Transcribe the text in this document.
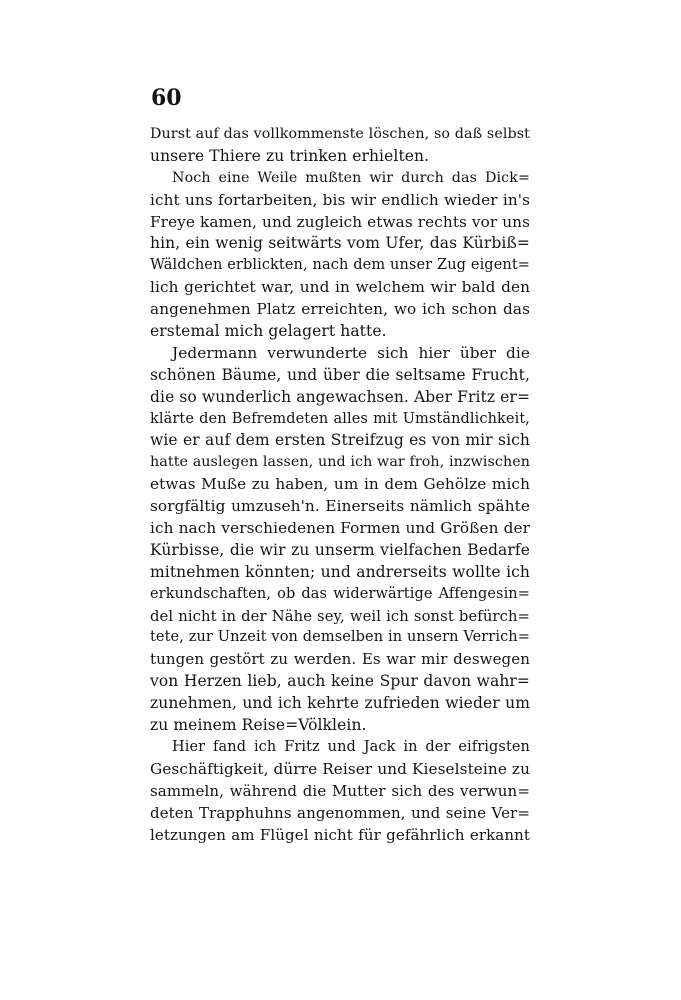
60
Durst auf das vollkommenste löschen, so daß selbst
unsere Thiere zu trinken erhielten.
Noch eine Weile mußten wir durch das Dick=
icht uns fortarbeiten, bis wir endlich wieder in's
Freye kamen, und zugleich etwas rechts vor uns
hin, ein wenig seitwärts vom Ufer, das Kürbiß=
Wäldchen erblickten, nach dem unser Zug eigent=
lich gerichtet war, und in welchem wir bald den
angenehmen Platz erreichten, wo ich schon das
erstemal mich gelagert hatte.
Jedermann verwunderte sich hier über die
schönen Bäume, und über die seltsame Frucht,
die so wunderlich angewachsen. Aber Fritz er=
klärte den Befremdeten alles mit Umständlichkeit,
wie er auf dem ersten Streifzug es von mir sich
hatte auslegen lassen, und ich war froh, inzwischen
etwas Muße zu haben, um in dem Gehölze mich
sorgfältig umzuseh'n. Einerseits nämlich spähte
ich nach verschiedenen Formen und Größen der
Kürbisse, die wir zu unserm vielfachen Bedarfe
mitnehmen könnten; und andrerseits wollte ich
erkundschaften, ob das widerwärtige Affengesin=
del nicht in der Nähe sey, weil ich sonst befürch=
tete, zur Unzeit von demselben in unsern Verrich=
tungen gestört zu werden. Es war mir deswegen
von Herzen lieb, auch keine Spur davon wahr=
zunehmen, und ich kehrte zufrieden wieder um
zu meinem Reise=Völklein.
Hier fand ich Fritz und Jack in der eifrigsten
Geschäftigkeit, dürre Reiser und Kieselsteine zu
sammeln, während die Mutter sich des verwun=
deten Trapphuhns angenommen, und seine Ver=
letzungen am Flügel nicht für gefährlich erkannt
